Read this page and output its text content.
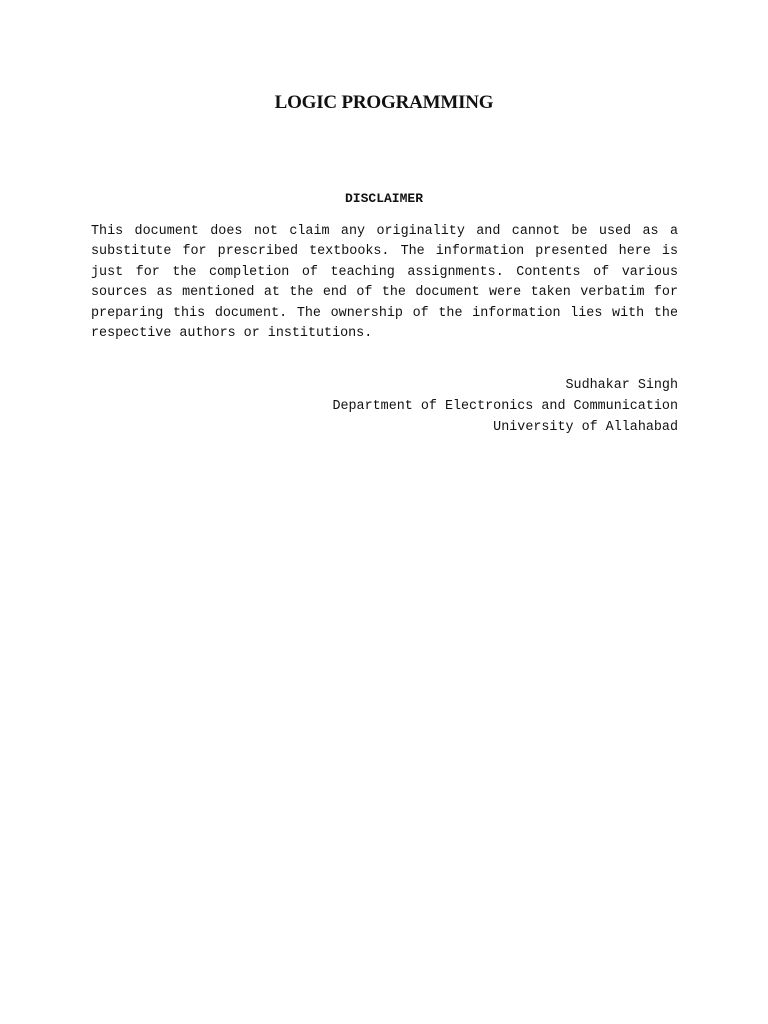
LOGIC PROGRAMMING
DISCLAIMER
This document does not claim any originality and cannot be used as a substitute for prescribed textbooks. The information presented here is just for the completion of teaching assignments. Contents of various sources as mentioned at the end of the document were taken verbatim for preparing this document. The ownership of the information lies with the respective authors or institutions.
Sudhakar Singh
Department of Electronics and Communication
University of Allahabad
